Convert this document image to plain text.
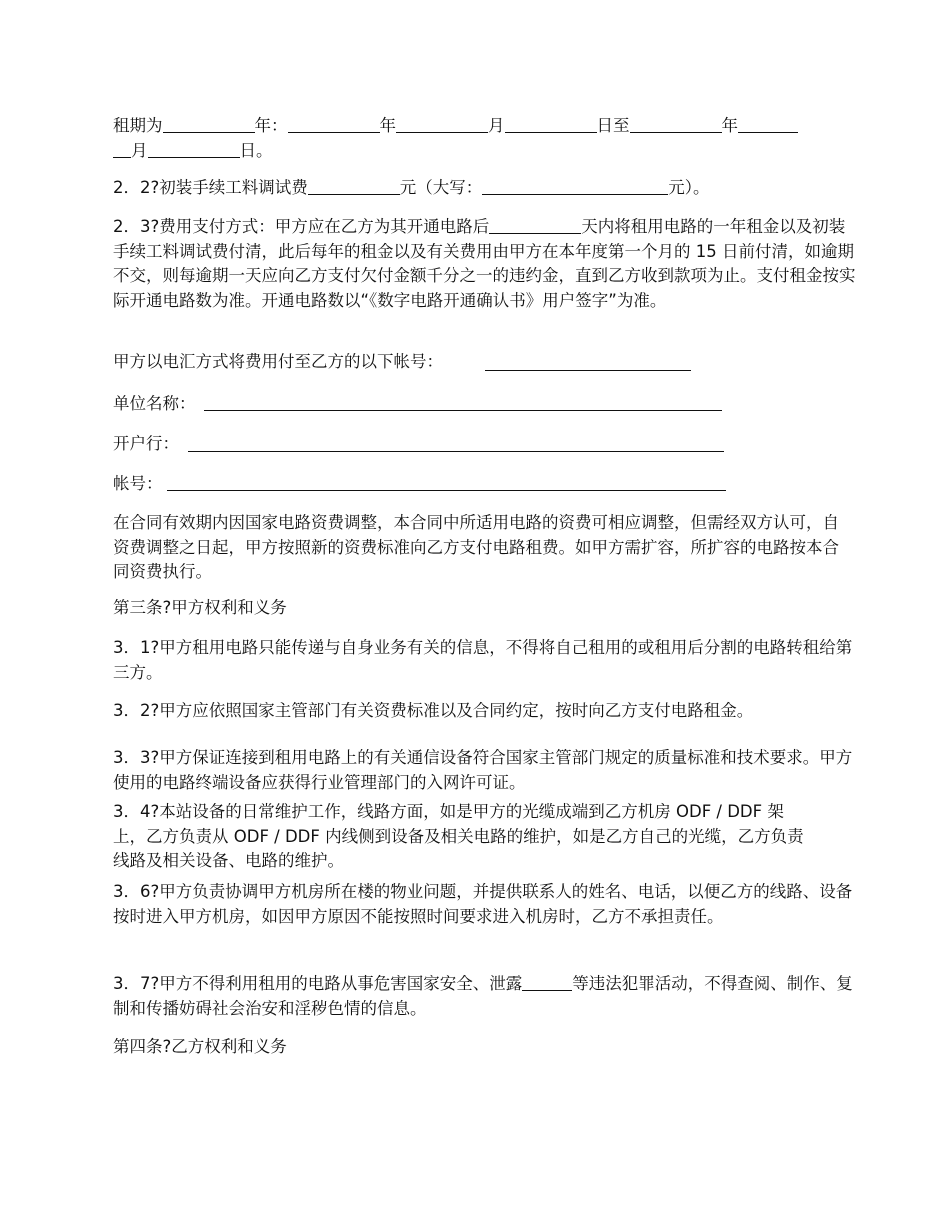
租期为	年：	年	月	日至	年
月	日。

2．2?初装手续工料调试费	元（大写：	元）。

2．3?费用支付方式：甲方应在乙方为其开通电路后	天内将租用电路的一年租金以及初装手续工料调试费付清，此后每年的租金以及有关费用由甲方在本年度第一个月的 15 日前付清，如逾期不交，则每逾期一天应向乙方支付欠付金额千分之一的违约金，直到乙方收到款项为止。支付租金按实际开通电路数为准。开通电路数以“《数字电路开通确认书》用户签字”为准。

甲方以电汇方式将费用付至乙方的以下帐号：
单位名称：
开户行：
帐号：

在合同有效期内因国家电路资费调整，本合同中所适用电路的资费可相应调整，但需经双方认可，自资费调整之日起，甲方按照新的资费标准向乙方支付电路租费。如甲方需扩容，所扩容的电路按本合同资费执行。

第三条?甲方权利和义务

3．1?甲方租用电路只能传递与自身业务有关的信息，不得将自己租用的或租用后分割的电路转租给第三方。

3．2?甲方应依照国家主管部门有关资费标准以及合同约定，按时向乙方支付电路租金。

3．3?甲方保证连接到租用电路上的有关通信设备符合国家主管部门规定的质量标准和技术要求。甲方使用的电路终端设备应获得行业管理部门的入网许可证。

3．4?本站设备的日常维护工作，线路方面，如是甲方的光缆成端到乙方机房 ODF / DDF 架上，乙方负责从 ODF / DDF 内线侧到设备及相关电路的维护，如是乙方自己的光缆，乙方负责线路及相关设备、电路的维护。

3．6?甲方负责协调甲方机房所在楼的物业问题，并提供联系人的姓名、电话，以便乙方的线路、设备按时进入甲方机房，如因甲方原因不能按照时间要求进入机房时，乙方不承担责任。

3．7?甲方不得利用租用的电路从事危害国家安全、泄露	等违法犯罪活动，不得查阅、制作、复制和传播妨碍社会治安和淫秽色情的信息。

第四条?乙方权利和义务
